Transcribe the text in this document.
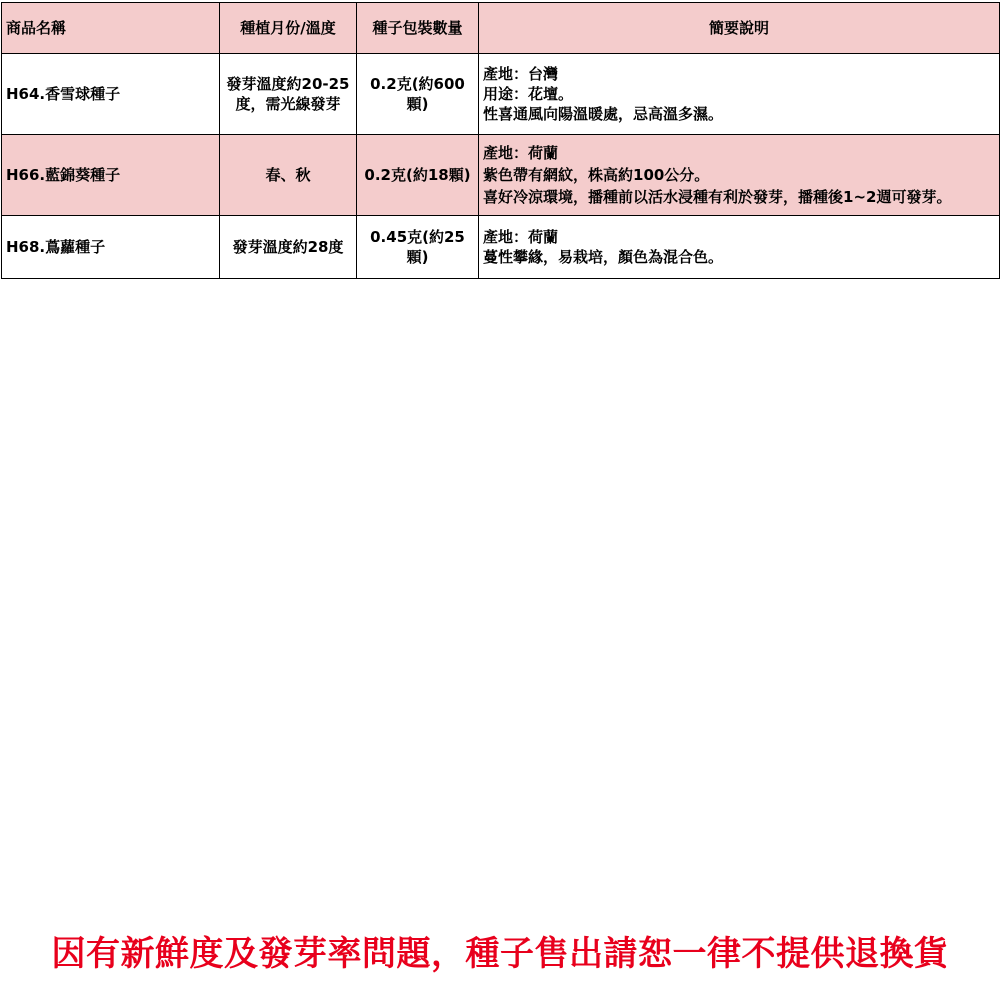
商品名稱	種植月份/溫度	種子包裝數量	簡要說明
H64.香雪球種子	發芽溫度約20-25度，需光線發芽	0.2克(約600顆)	產地：台灣
用途：花壇。
性喜通風向陽溫暖處，忌高溫多濕。
H66.藍錦葵種子	春、秋	0.2克(約18顆)	產地：荷蘭
紫色帶有網紋，株高約100公分。
喜好冷涼環境，播種前以活水浸種有利於發芽，播種後1~2週可發芽。
H68.蔦蘿種子	發芽溫度約28度	0.45克(約25顆)	產地：荷蘭
蔓性攀緣，易栽培，顏色為混合色。
因有新鮮度及發芽率問題，種子售出請恕一律不提供退換貨
